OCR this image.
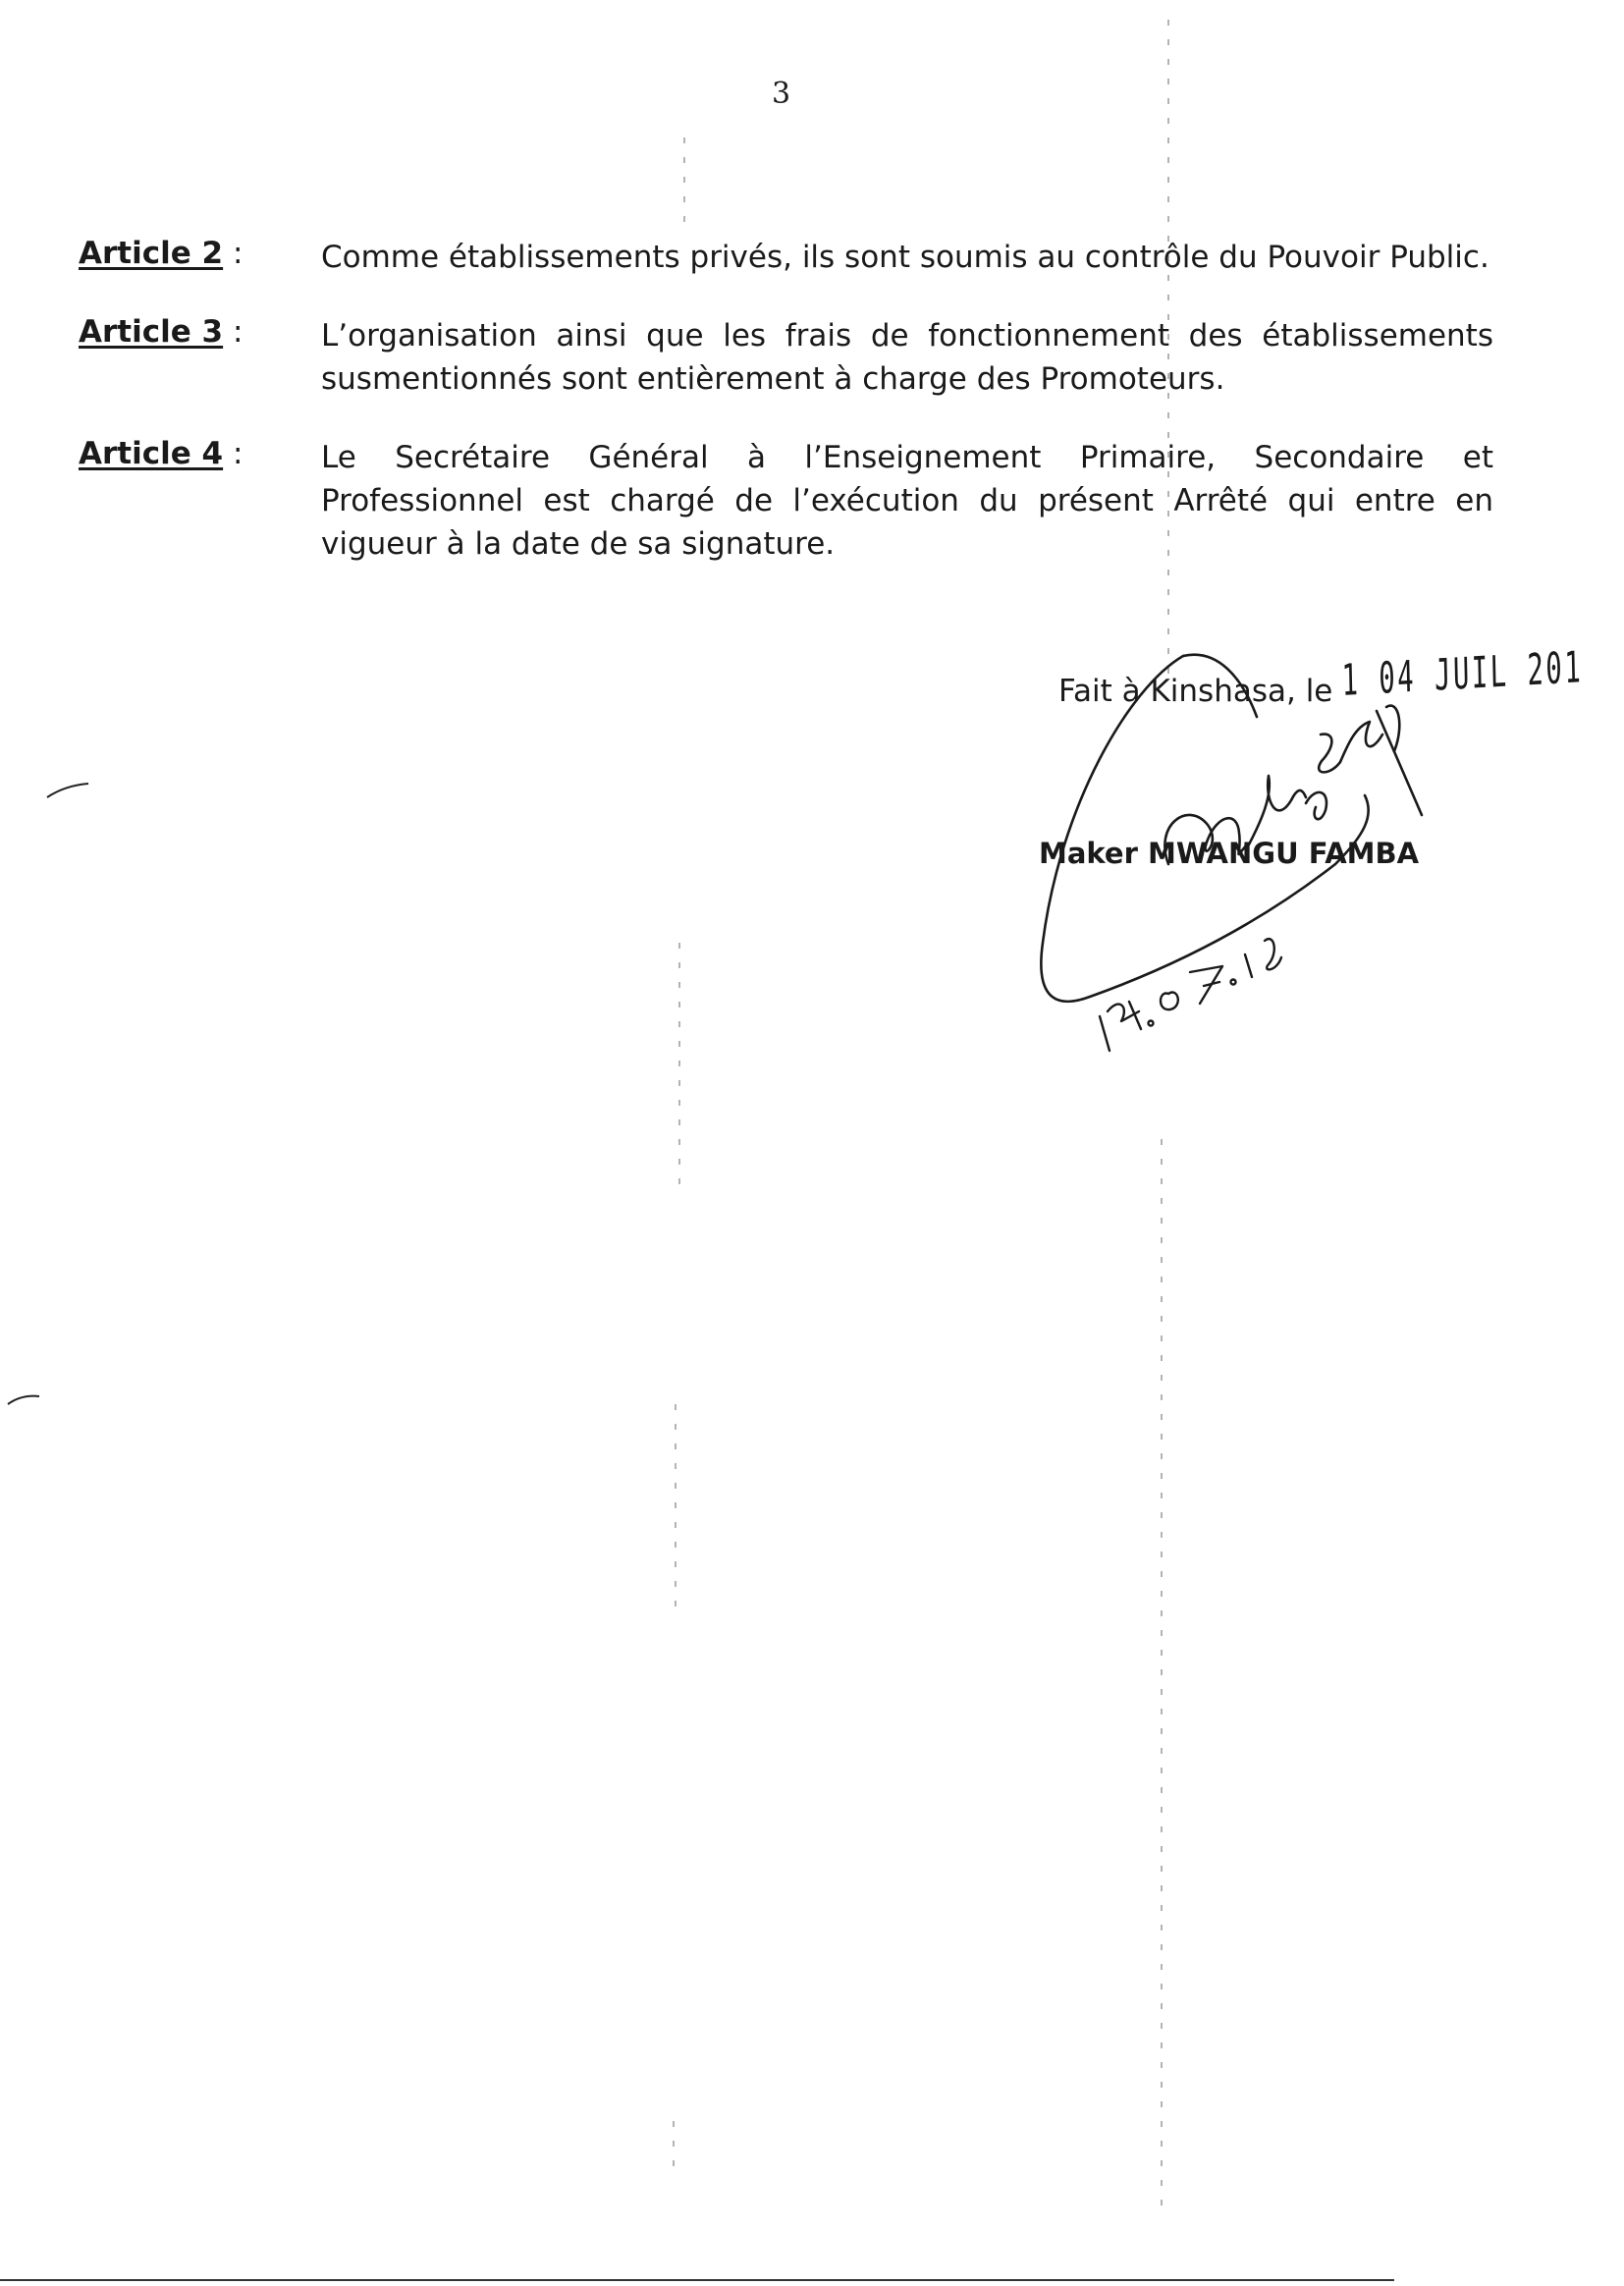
3
Article 2 :	Comme établissements privés, ils sont soumis au contrôle du Pouvoir Public.
Article 3 :	L’organisation ainsi que les frais de fonctionnement des établissements susmentionnés sont entièrement à charge des Promoteurs.
Article 4 :	Le Secrétaire Général à l’Enseignement Primaire, Secondaire et Professionnel est chargé de l’exécution du présent Arrêté qui entre en vigueur à la date de sa signature.
Fait à Kinshasa, le 1 04 JUIL 201
Maker MWANGU FAMBA
